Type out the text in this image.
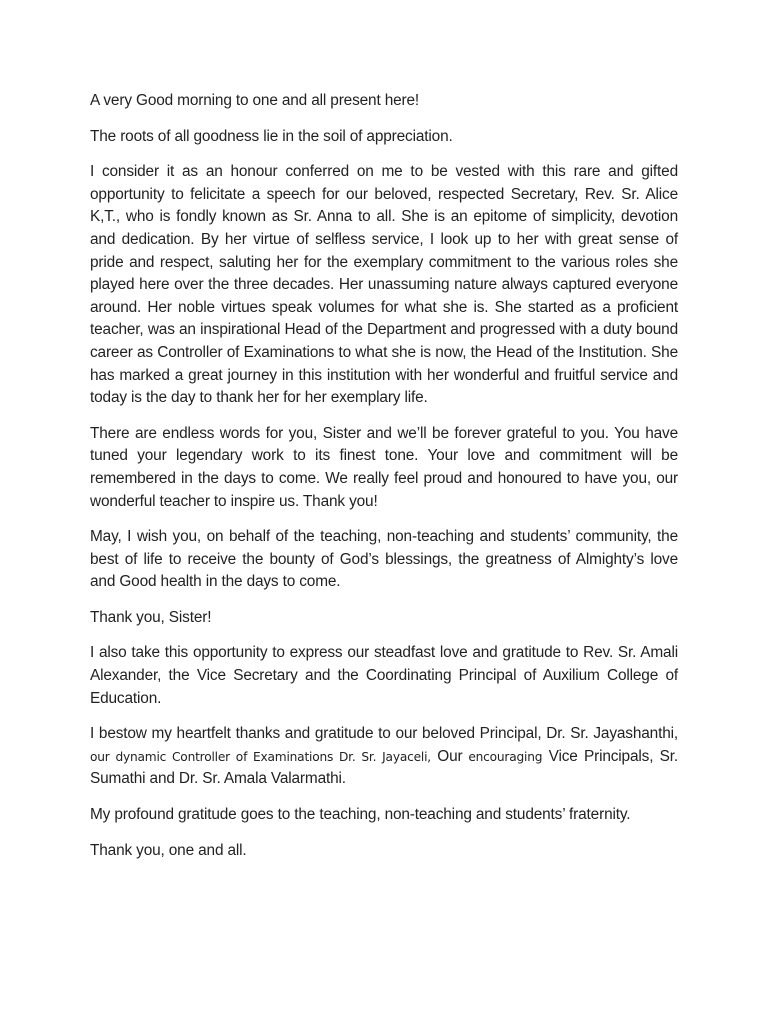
A very Good morning to one and all present here!

The roots of all goodness lie in the soil of appreciation.

I consider it as an honour conferred on me to be vested with this rare and gifted opportunity to felicitate a speech for our beloved, respected Secretary, Rev. Sr. Alice K,T., who is fondly known as Sr. Anna to all. She is an epitome of simplicity, devotion and dedication. By her virtue of selfless service, I look up to her with great sense of pride and respect, saluting her for the exemplary commitment to the various roles she played here over the three decades. Her unassuming nature always captured everyone around. Her noble virtues speak volumes for what she is. She started as a proficient teacher, was an inspirational Head of the Department and progressed with a duty bound career as Controller of Examinations to what she is now, the Head of the Institution. She has marked a great journey in this institution with her wonderful and fruitful service and today is the day to thank her for her exemplary life.

There are endless words for you, Sister and we’ll be forever grateful to you. You have tuned your legendary work to its finest tone. Your love and commitment will be remembered in the days to come. We really feel proud and honoured to have you, our wonderful teacher to inspire us. Thank you!

May, I wish you, on behalf of the teaching, non-teaching and students’ community, the best of life to receive the bounty of God’s blessings, the greatness of Almighty’s love and Good health in the days to come.

Thank you, Sister!

I also take this opportunity to express our steadfast love and gratitude to Rev. Sr. Amali Alexander, the Vice Secretary and the Coordinating Principal of Auxilium College of Education.

I bestow my heartfelt thanks and gratitude to our beloved Principal, Dr. Sr. Jayashanthi, our dynamic Controller of Examinations Dr. Sr. Jayaceli, Our encouraging Vice Principals, Sr. Sumathi and Dr. Sr. Amala Valarmathi.

My profound gratitude goes to the teaching, non-teaching and students’ fraternity.

Thank you, one and all.
